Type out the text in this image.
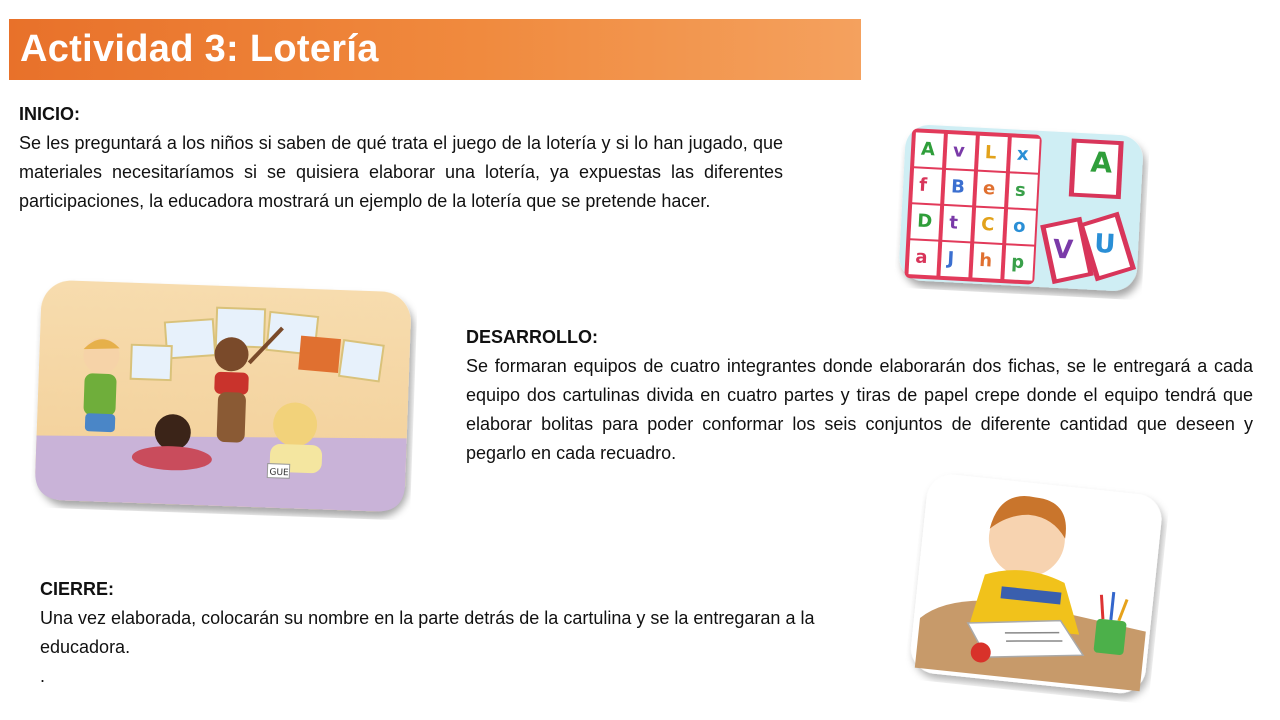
Actividad 3: Lotería
INICIO:
Se les preguntará a los niños si saben de qué trata el juego de la lotería y si lo han jugado, que materiales necesitaríamos si se quisiera elaborar una lotería, ya expuestas las diferentes participaciones, la educadora mostrará un ejemplo de la lotería que se pretende hacer.
DESARROLLO:
Se formaran equipos de cuatro integrantes donde elaborarán dos fichas, se le entregará a cada equipo dos cartulinas divida en cuatro partes y tiras de papel crepe donde el equipo tendrá que elaborar bolitas para poder conformar los seis conjuntos de diferente cantidad que deseen y pegarlo en cada recuadro.
CIERRE:
Una vez elaborada, colocarán su nombre en la parte detrás de la cartulina y se la entregaran a la educadora.
.
A v L x
f B e s
D t C o
a J h p
A
V U
GUE
